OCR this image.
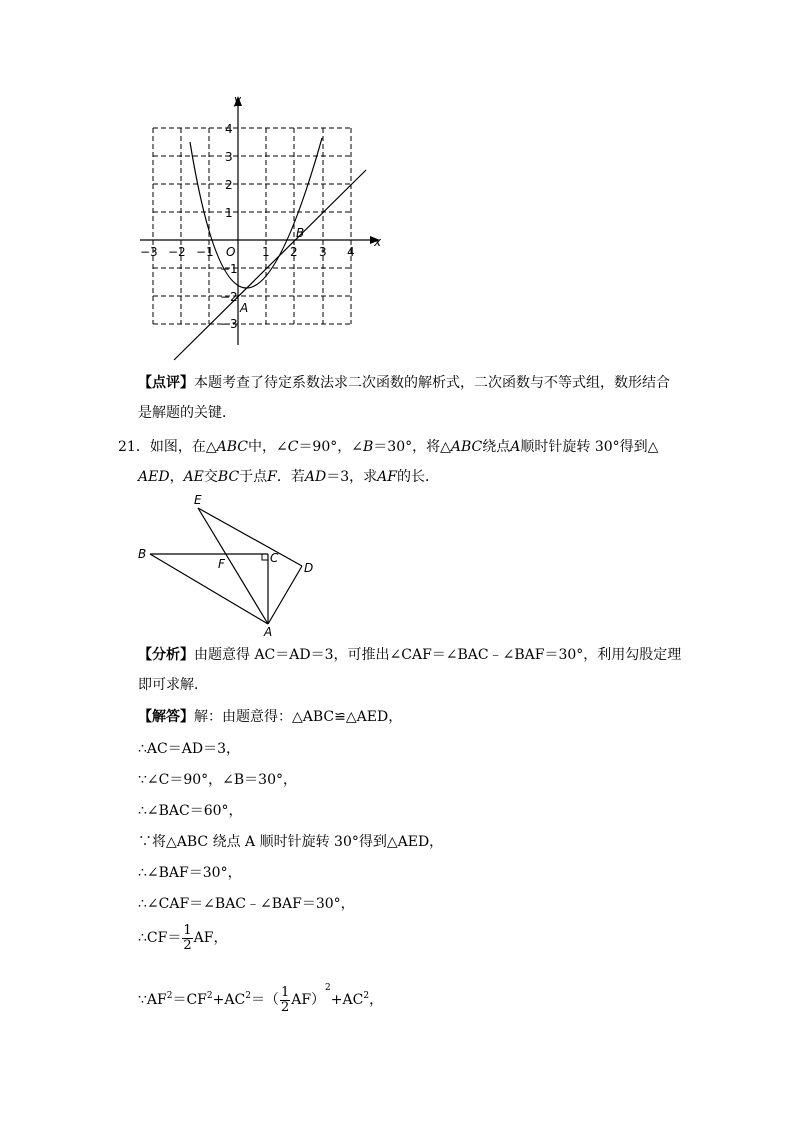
y
x
O
−3 −2 −1	1 2 3 4
4
3
2
1
−1
−2
−3
A
B
【点评】本题考查了待定系数法求二次函数的解析式，二次函数与不等式组，数形结合
是解题的关键．
21．如图，在△ABC中，∠C＝90°，∠B＝30°，将△ABC绕点A顺时针旋转 30°得到△
AED，AE交BC于点F．若AD＝3，求AF的长．
E
B
F	C
D
A
【分析】由题意得 AC＝AD＝3，可推出∠CAF＝∠BAC﹣∠BAF＝30°，利用勾股定理
即可求解．
【解答】解：由题意得：△ABC≌△AED，
∴AC＝AD＝3，
∵∠C＝90°，∠B＝30°，
∴∠BAC＝60°，
∵将△ABC 绕点 A 顺时针旋转 30°得到△AED，
∴∠BAF＝30°，
∴∠CAF＝∠BAC﹣∠BAF＝30°，
∴CF＝ $\frac{1}{2}$ AF，
$\because AF^2=CF^2+AC^2=( \frac{1}{2} AF)^2+AC^2$，
